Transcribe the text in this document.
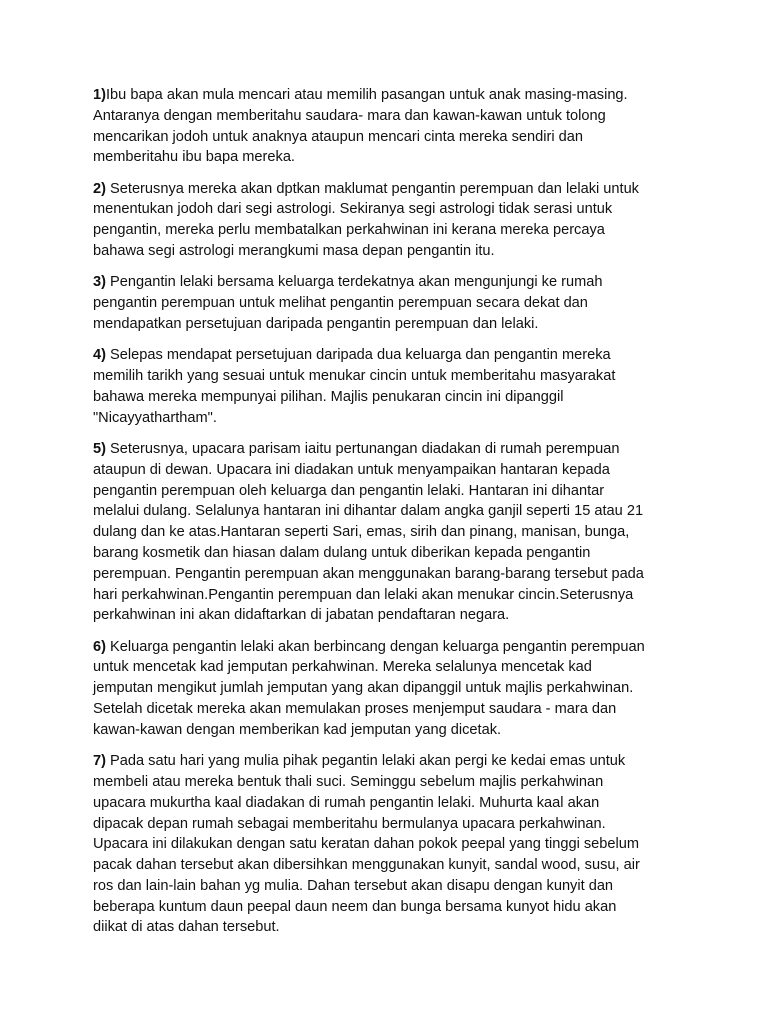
1)Ibu bapa akan mula mencari atau memilih pasangan untuk anak masing-masing.
Antaranya dengan memberitahu saudara- mara dan kawan-kawan untuk tolong
mencarikan jodoh untuk anaknya ataupun mencari cinta mereka sendiri dan
memberitahu ibu bapa mereka.

2) Seterusnya mereka akan dptkan maklumat pengantin perempuan dan lelaki untuk
menentukan jodoh dari segi astrologi. Sekiranya segi astrologi tidak serasi untuk
pengantin, mereka perlu membatalkan perkahwinan ini kerana mereka percaya
bahawa segi astrologi merangkumi masa depan pengantin itu.

3) Pengantin lelaki bersama keluarga terdekatnya akan mengunjungi ke rumah
pengantin perempuan untuk melihat pengantin perempuan secara dekat dan
mendapatkan persetujuan daripada pengantin perempuan dan lelaki.

4) Selepas mendapat persetujuan daripada dua keluarga dan pengantin mereka
memilih tarikh yang sesuai untuk menukar cincin untuk memberitahu masyarakat
bahawa mereka mempunyai pilihan. Majlis penukaran cincin ini dipanggil
"Nicayyathartham".

5) Seterusnya, upacara parisam iaitu pertunangan diadakan di rumah perempuan
ataupun di dewan. Upacara ini diadakan untuk menyampaikan hantaran kepada
pengantin perempuan oleh keluarga dan pengantin lelaki. Hantaran ini dihantar
melalui dulang. Selalunya hantaran ini dihantar dalam angka ganjil seperti 15 atau 21
dulang dan ke atas.Hantaran seperti Sari, emas, sirih dan pinang, manisan, bunga,
barang kosmetik dan hiasan dalam dulang untuk diberikan kepada pengantin
perempuan. Pengantin perempuan akan menggunakan barang-barang tersebut pada
hari perkahwinan.Pengantin perempuan dan lelaki akan menukar cincin.Seterusnya
perkahwinan ini akan didaftarkan di jabatan pendaftaran negara.

6) Keluarga pengantin lelaki akan berbincang dengan keluarga pengantin perempuan
untuk mencetak kad jemputan perkahwinan. Mereka selalunya mencetak kad
jemputan mengikut jumlah jemputan yang akan dipanggil untuk majlis perkahwinan.
Setelah dicetak mereka akan memulakan proses menjemput saudara - mara dan
kawan-kawan dengan memberikan kad jemputan yang dicetak.

7) Pada satu hari yang mulia pihak pegantin lelaki akan pergi ke kedai emas untuk
membeli atau mereka bentuk thali suci. Seminggu sebelum majlis perkahwinan
upacara mukurtha kaal diadakan di rumah pengantin lelaki. Muhurta kaal akan
dipacak depan rumah sebagai memberitahu bermulanya upacara perkahwinan.
Upacara ini dilakukan dengan satu keratan dahan pokok peepal yang tinggi sebelum
pacak dahan tersebut akan dibersihkan menggunakan kunyit, sandal wood, susu, air
ros dan lain-lain bahan yg mulia. Dahan tersebut akan disapu dengan kunyit dan
beberapa kuntum daun peepal daun neem dan bunga bersama kunyot hidu akan
diikat di atas dahan tersebut.
